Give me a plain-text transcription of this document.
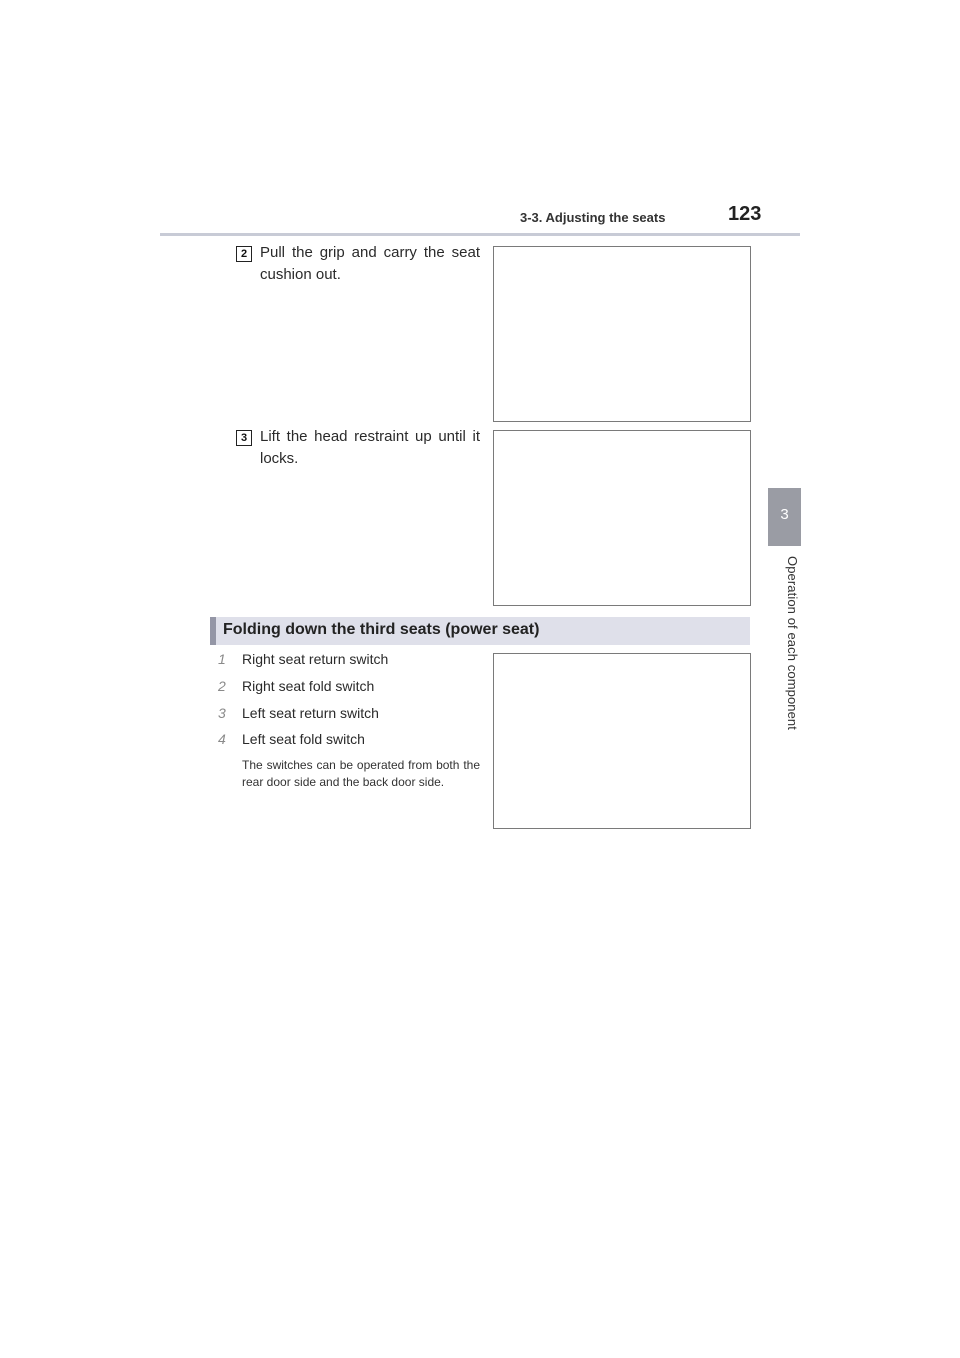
3-3. Adjusting the seats	123
3
Operation of each component
2 Pull the grip and carry the seat cushion out.
3 Lift the head restraint up until it locks.
Folding down the third seats (power seat)
1 Right seat return switch
2 Right seat fold switch
3 Left seat return switch
4 Left seat fold switch
The switches can be operated from both the rear door side and the back door side.
